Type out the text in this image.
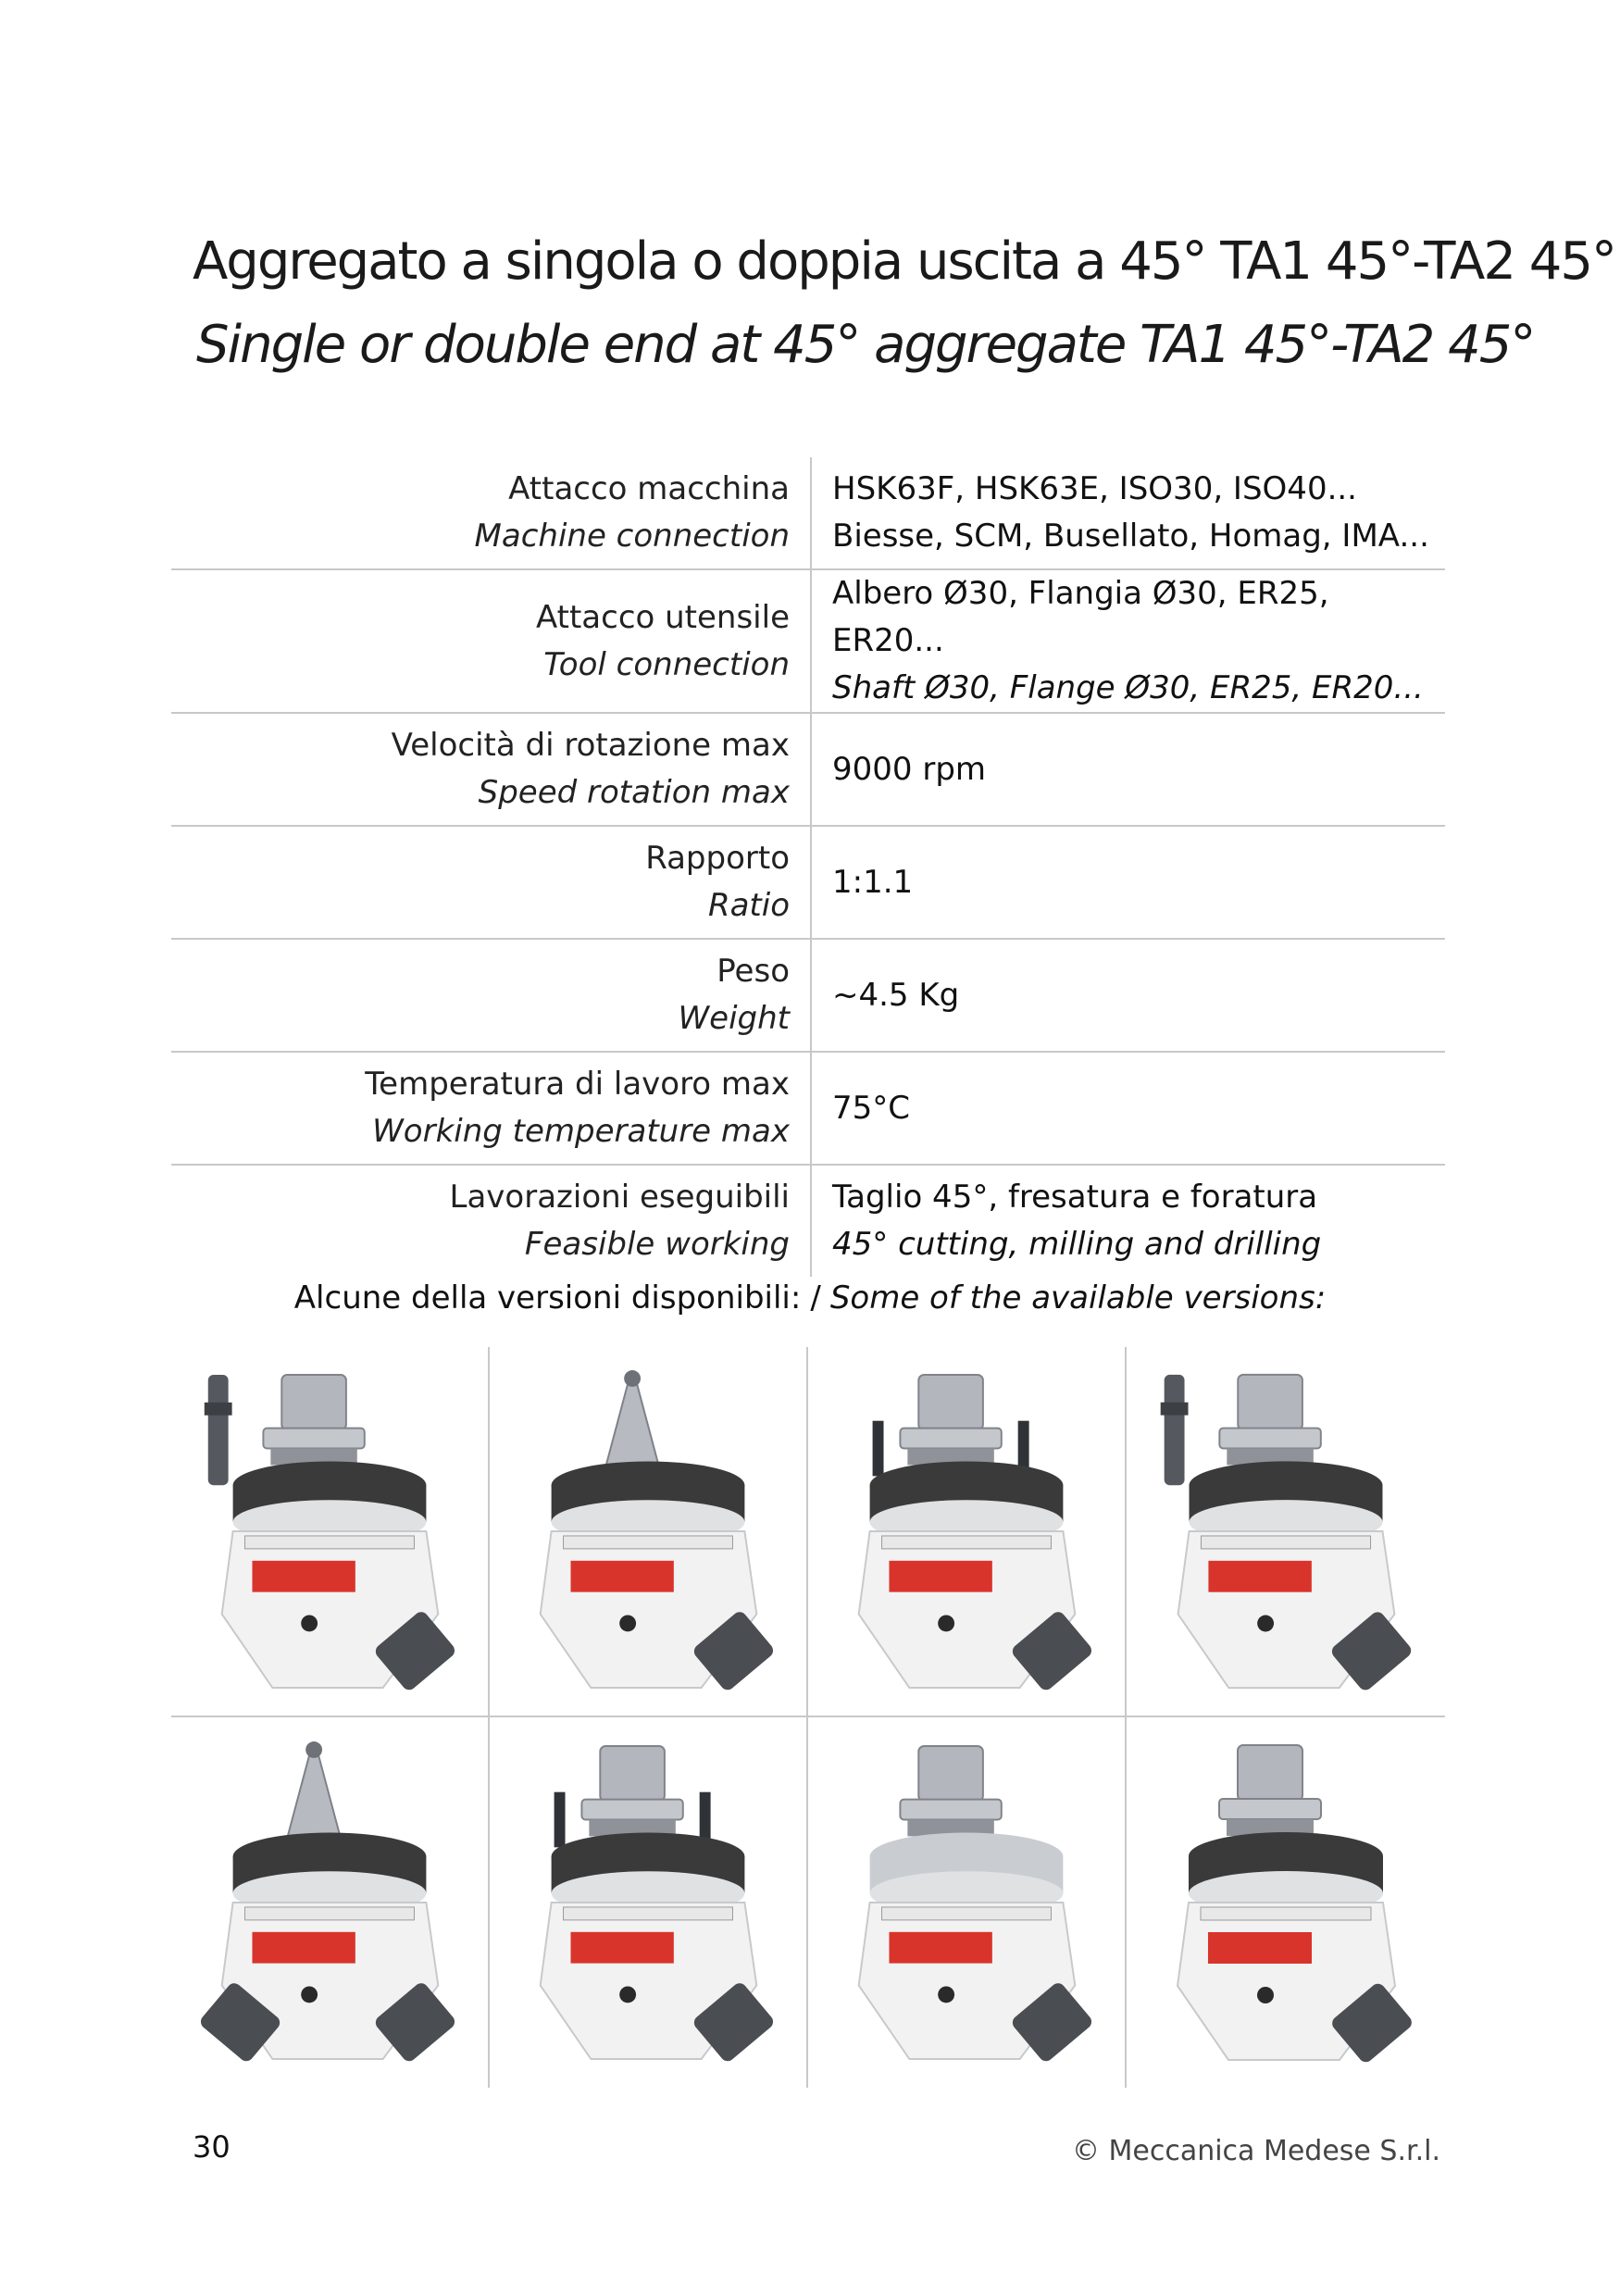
Aggregato a singola o doppia uscita a 45° TA1 45°-TA2 45°
Single or double end at 45° aggregate TA1 45°-TA2 45°
Attacco macchina
Machine connection	HSK63F, HSK63E, ISO30, ISO40...
Biesse, SCM, Busellato, Homag, IMA...

Attacco utensile
Tool connection	Albero Ø30, Flangia Ø30, ER25, ER20...
Shaft Ø30, Flange Ø30, ER25, ER20...

Velocità di rotazione max
Speed rotation max	9000 rpm

Rapporto
Ratio	1:1.1

Peso
Weight	~4.5 Kg

Temperatura di lavoro max
Working temperature max	75°C

Lavorazioni eseguibili
Feasible working	Taglio 45°, fresatura e foratura
45° cutting, milling and drilling
Alcune della versioni disponibili: / Some of the available versions:
30	© Meccanica Medese S.r.l.
